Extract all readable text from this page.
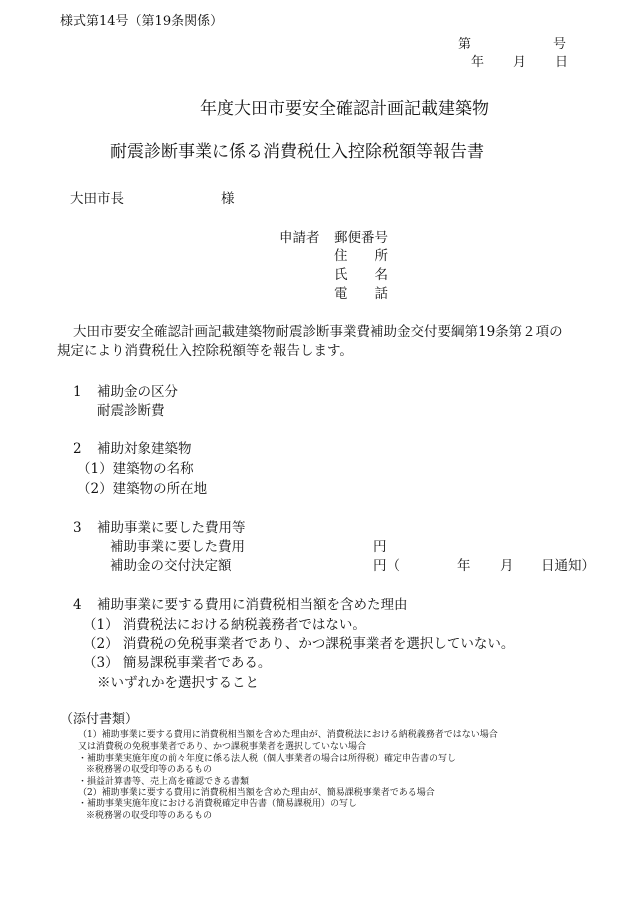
様式第14号（第19条関係）
第	号
年 月 日
年度大田市要安全確認計画記載建築物
耐震診断事業に係る消費税仕入控除税額等報告書
大田市長	様
申請者 郵便番号
住　　所
氏　　名
電　　話
大田市要安全確認計画記載建築物耐震診断事業費補助金交付要綱第19条第２項の
規定により消費税仕入控除税額等を報告します。
1 補助金の区分
耐震診断費
2 補助対象建築物
（1）建築物の名称
（2）建築物の所在地
3 補助事業に要した費用等
補助事業に要した費用	円
補助金の交付決定額	円（	年 月 日通知）
4 補助事業に要する費用に消費税相当額を含めた理由
（1） 消費税法における納税義務者ではない。
（2） 消費税の免税事業者であり、かつ課税事業者を選択していない。
（3） 簡易課税事業者である。
※いずれかを選択すること
（添付書類）
（1）補助事業に要する費用に消費税相当額を含めた理由が、消費税法における納税義務者ではない場合
又は消費税の免税事業者であり、かつ課税事業者を選択していない場合
・補助事業実施年度の前々年度に係る法人税（個人事業者の場合は所得税）確定申告書の写し
※税務署の収受印等のあるもの
・損益計算書等、売上高を確認できる書類
（2）補助事業に要する費用に消費税相当額を含めた理由が、簡易課税事業者である場合
・補助事業実施年度における消費税確定申告書（簡易課税用）の写し
※税務署の収受印等のあるもの
